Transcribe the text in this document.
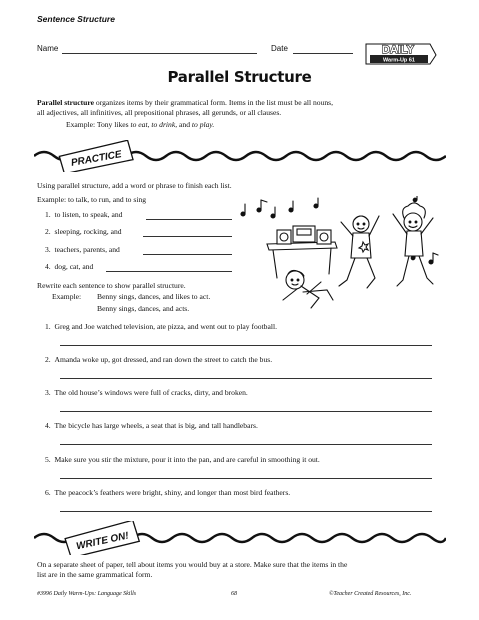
Sentence Structure
Name	Date	DAILY
Warm-Up 61
Parallel Structure
Parallel structure organizes items by their grammatical form. Items in the list must be all nouns,
all adjectives, all infinitives, all prepositional phrases, all gerunds, or all clauses.
Example: Tony likes to eat, to drink, and to play.
PRACTICE
Using parallel structure, add a word or phrase to finish each list.
Example: to talk, to run, and to sing
1. to listen, to speak, and
2. sleeping, rocking, and
3. teachers, parents, and
4. dog, cat, and
Rewrite each sentence to show parallel structure.
Example: Benny sings, dances, and likes to act.
Benny sings, dances, and acts.
1. Greg and Joe watched television, ate pizza, and went out to play football.
2. Amanda woke up, got dressed, and ran down the street to catch the bus.
3. The old house’s windows were full of cracks, dirty, and broken.
4. The bicycle has large wheels, a seat that is big, and tall handlebars.
5. Make sure you stir the mixture, pour it into the pan, and are careful in smoothing it out.
6. The peacock’s feathers were bright, shiny, and longer than most bird feathers.
WRITE ON!
On a separate sheet of paper, tell about items you would buy at a store. Make sure that the items in the
list are in the same grammatical form.
#3996 Daily Warm-Ups: Language Skills	68	©Teacher Created Resources, Inc.
